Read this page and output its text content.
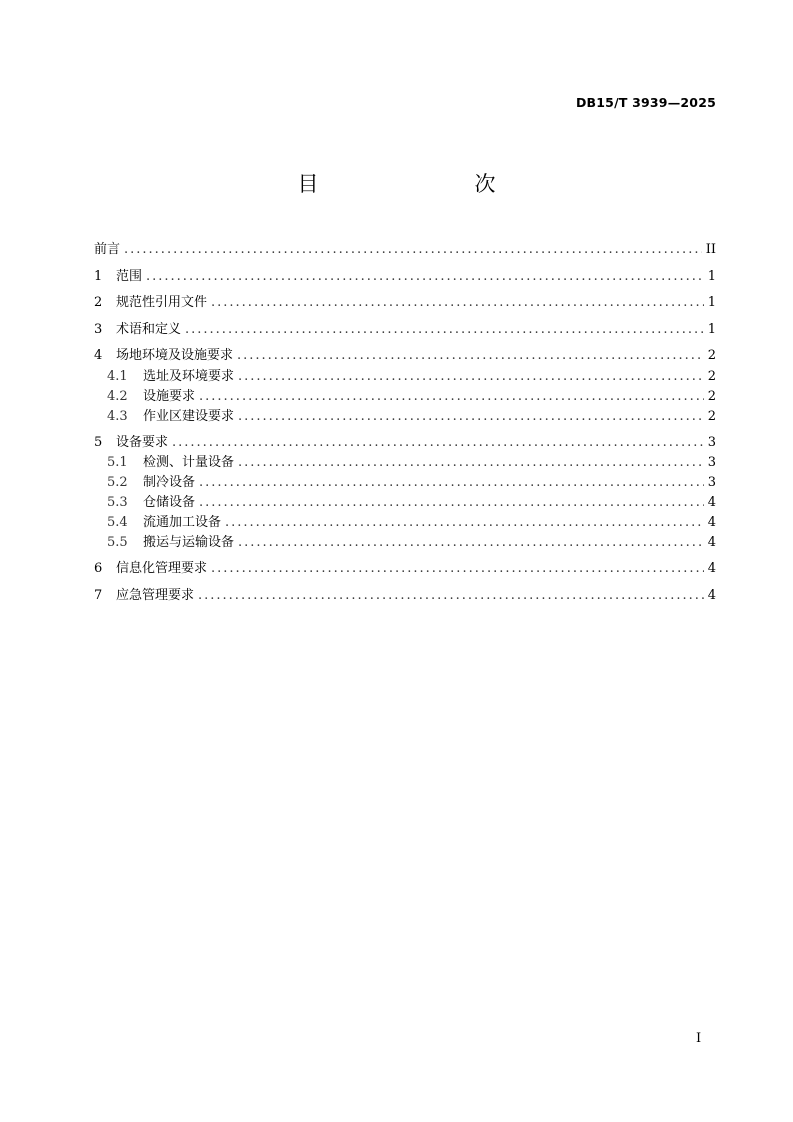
DB15/T 3939—2025
目　　次
前言 .....	II
1	范围 .....	1
2	规范性引用文件 .....	1
3	术语和定义 .....	1
4	场地环境及设施要求 .....	2
4.1	选址及环境要求 .....	2
4.2	设施要求 .....	2
4.3	作业区建设要求 .....	2
5	设备要求 .....	3
5.1	检测、计量设备 .....	3
5.2	制冷设备 .....	3
5.3	仓储设备 .....	4
5.4	流通加工设备 .....	4
5.5	搬运与运输设备 .....	4
6	信息化管理要求 .....	4
7	应急管理要求 .....	4
I
